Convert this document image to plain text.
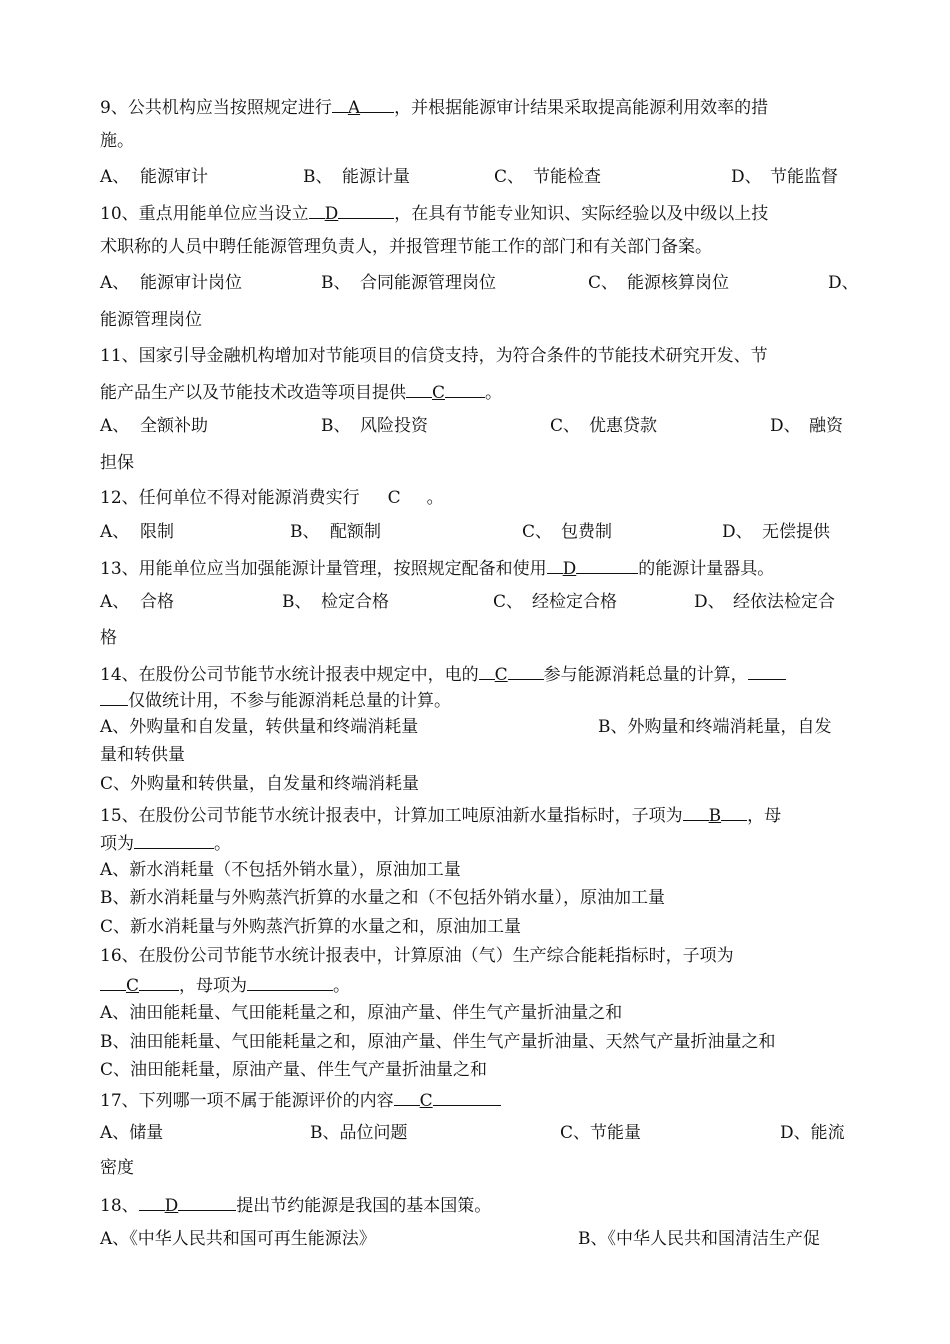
9、公共机构应当按照规定进行 A ，并根据能源审计结果采取提高能源利用效率的措
施。
A、 能源审计	B、 能源计量	C、 节能检查	D、 节能监督
10、重点用能单位应当设立 D	，在具有节能专业知识、实际经验以及中级以上技
术职称的人员中聘任能源管理负责人，并报管理节能工作的部门和有关部门备案。
A、 能源审计岗位	B、 合同能源管理岗位	C、 能源核算岗位	D、
能源管理岗位
11、国家引导金融机构增加对节能项目的信贷支持，为符合条件的节能技术研究开发、节
能产品生产以及节能技术改造等项目提供 C 。
A、 全额补助	B、 风险投资	C、 优惠贷款	D、 融资
担保
12、任何单位不得对能源消费实行 C 。
A、 限制	B、 配额制	C、 包费制	D、 无偿提供
13、用能单位应当加强能源计量管理，按照规定配备和使用 D	的能源计量器具。
A、 合格	B、 检定合格	C、 经检定合格	D、 经依法检定合
格
14、在股份公司节能节水统计报表中规定中，电的 C 参与能源消耗总量的计算，
仅做统计用，不参与能源消耗总量的计算。
A、外购量和自发量，转供量和终端消耗量	B、外购量和终端消耗量，自发
量和转供量
C、外购量和转供量，自发量和终端消耗量
15、在股份公司节能节水统计报表中，计算加工吨原油新水量指标时，子项为 B ，母
项为	。
A、新水消耗量（不包括外销水量），原油加工量
B、新水消耗量与外购蒸汽折算的水量之和（不包括外销水量），原油加工量
C、新水消耗量与外购蒸汽折算的水量之和，原油加工量
16、在股份公司节能节水统计报表中，计算原油（气）生产综合能耗指标时，子项为
C ，母项为	。
A、油田能耗量、气田能耗量之和，原油产量、伴生气产量折油量之和
B、油田能耗量、气田能耗量之和，原油产量、伴生气产量折油量、天然气产量折油量之和
C、油田能耗量，原油产量、伴生气产量折油量之和
17、下列哪一项不属于能源评价的内容 C
A、储量	B、品位问题	C、节能量	D、能流
密度
18、 D	提出节约能源是我国的基本国策。
A、《中华人民共和国可再生能源法》	B、《中华人民共和国清洁生产促
